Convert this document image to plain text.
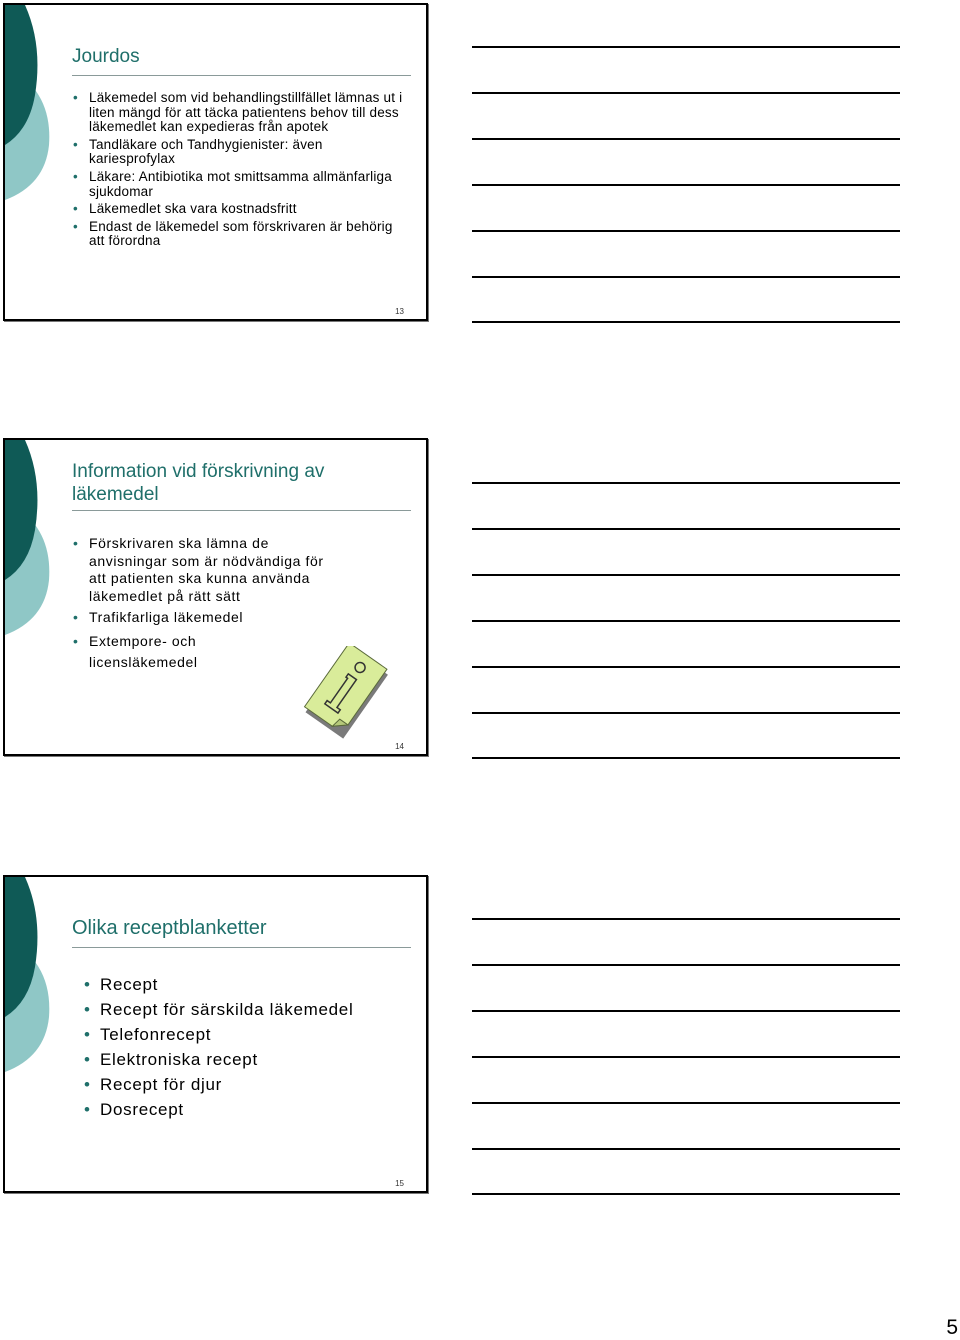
Jourdos
• Läkemedel som vid behandlingstillfället lämnas ut i liten mängd för att täcka patientens behov till dess läkemedlet kan expedieras från apotek
• Tandläkare och Tandhygienister: även kariesprofylax
• Läkare: Antibiotika mot smittsamma allmänfarliga sjukdomar
• Läkemedlet ska vara kostnadsfritt
• Endast de läkemedel som förskrivaren är behörig att förordna
13
Information vid förskrivning av läkemedel
• Förskrivaren ska lämna de anvisningar som är nödvändiga för att patienten ska kunna använda läkemedlet på rätt sätt
• Trafikfarliga läkemedel
• Extempore- och licensläkemedel
14
Olika receptblanketter
• Recept
• Recept för särskilda läkemedel
• Telefonrecept
• Elektroniska recept
• Recept för djur
• Dosrecept
15
5
